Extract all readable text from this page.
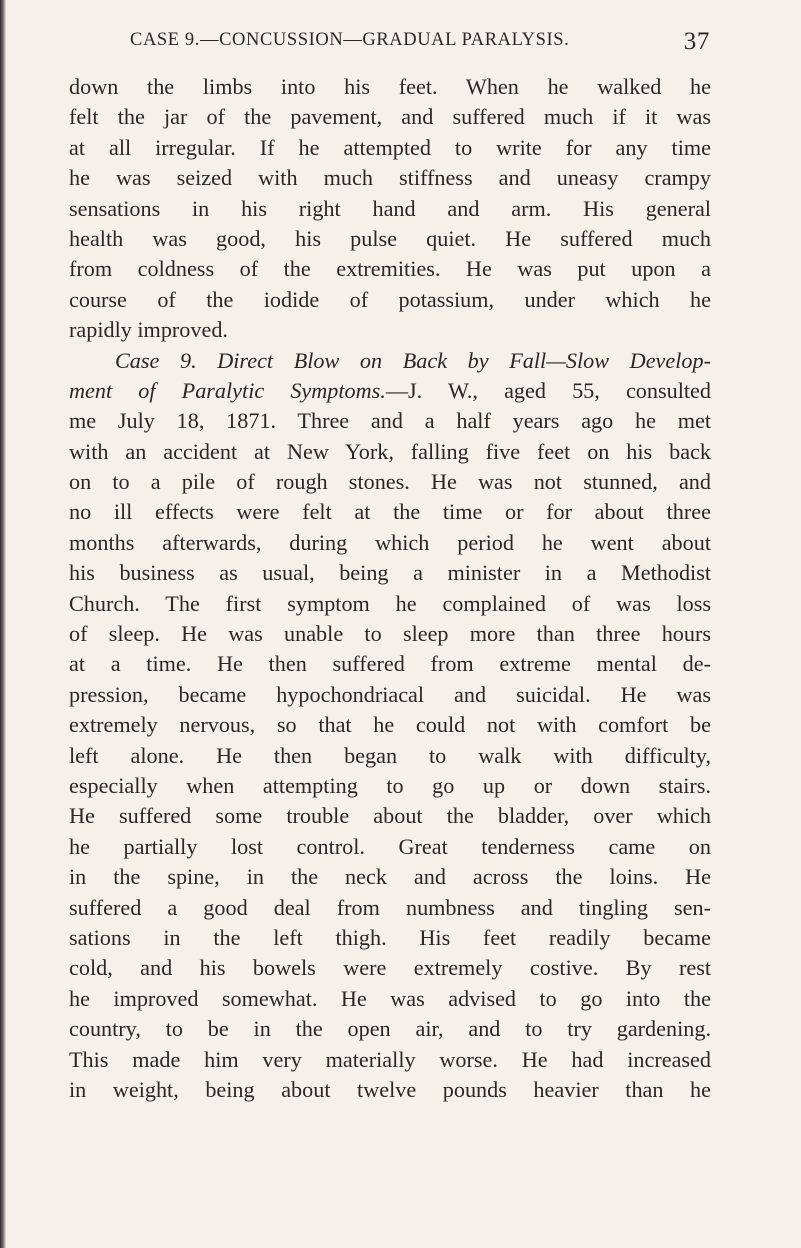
CASE 9.—CONCUSSION—GRADUAL PARALYSIS.	37
down the limbs into his feet. When he walked he
felt the jar of the pavement, and suffered much if it was
at all irregular. If he attempted to write for any time
he was seized with much stiffness and uneasy crampy
sensations in his right hand and arm. His general
health was good, his pulse quiet. He suffered much
from coldness of the extremities. He was put upon a
course of the iodide of potassium, under which he
rapidly improved.
Case 9. Direct Blow on Back by Fall—Slow Develop-
ment of Paralytic Symptoms.—J. W., aged 55, consulted
me July 18, 1871. Three and a half years ago he met
with an accident at New York, falling five feet on his back
on to a pile of rough stones. He was not stunned, and
no ill effects were felt at the time or for about three
months afterwards, during which period he went about
his business as usual, being a minister in a Methodist
Church. The first symptom he complained of was loss
of sleep. He was unable to sleep more than three hours
at a time. He then suffered from extreme mental de-
pression, became hypochondriacal and suicidal. He was
extremely nervous, so that he could not with comfort be
left alone. He then began to walk with difficulty,
especially when attempting to go up or down stairs.
He suffered some trouble about the bladder, over which
he partially lost control. Great tenderness came on
in the spine, in the neck and across the loins. He
suffered a good deal from numbness and tingling sen-
sations in the left thigh. His feet readily became
cold, and his bowels were extremely costive. By rest
he improved somewhat. He was advised to go into the
country, to be in the open air, and to try gardening.
This made him very materially worse. He had increased
in weight, being about twelve pounds heavier than he
